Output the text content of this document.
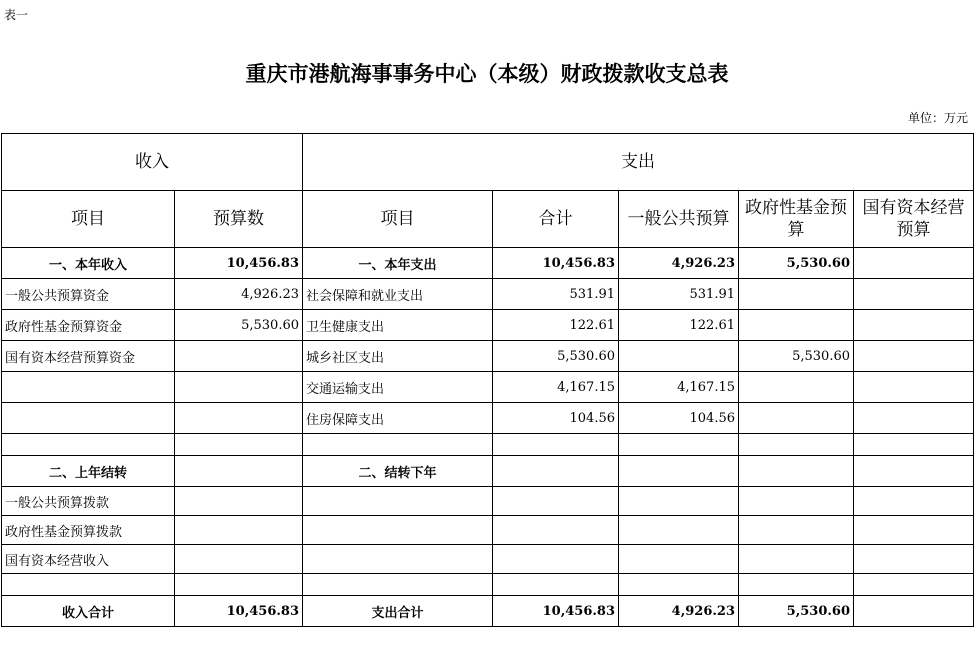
表一
重庆市港航海事事务中心（本级）财政拨款收支总表
单位：万元
收入		支出				
项目	预算数	项目	合计	一般公共预算	政府性基金预算	国有资本经营预算
一、本年收入	10,456.83	一、本年支出	10,456.83	4,926.23	5,530.60	
一般公共预算资金	4,926.23	社会保障和就业支出	531.91	531.91		
政府性基金预算资金	5,530.60	卫生健康支出	122.61	122.61		
国有资本经营预算资金		城乡社区支出	5,530.60		5,530.60	
		交通运输支出	4,167.15	4,167.15		
		住房保障支出	104.56	104.56		

二、上年结转		二、结转下年				
一般公共预算拨款						
政府性基金预算拨款						
国有资本经营收入						

收入合计	10,456.83	支出合计	10,456.83	4,926.23	5,530.60	
